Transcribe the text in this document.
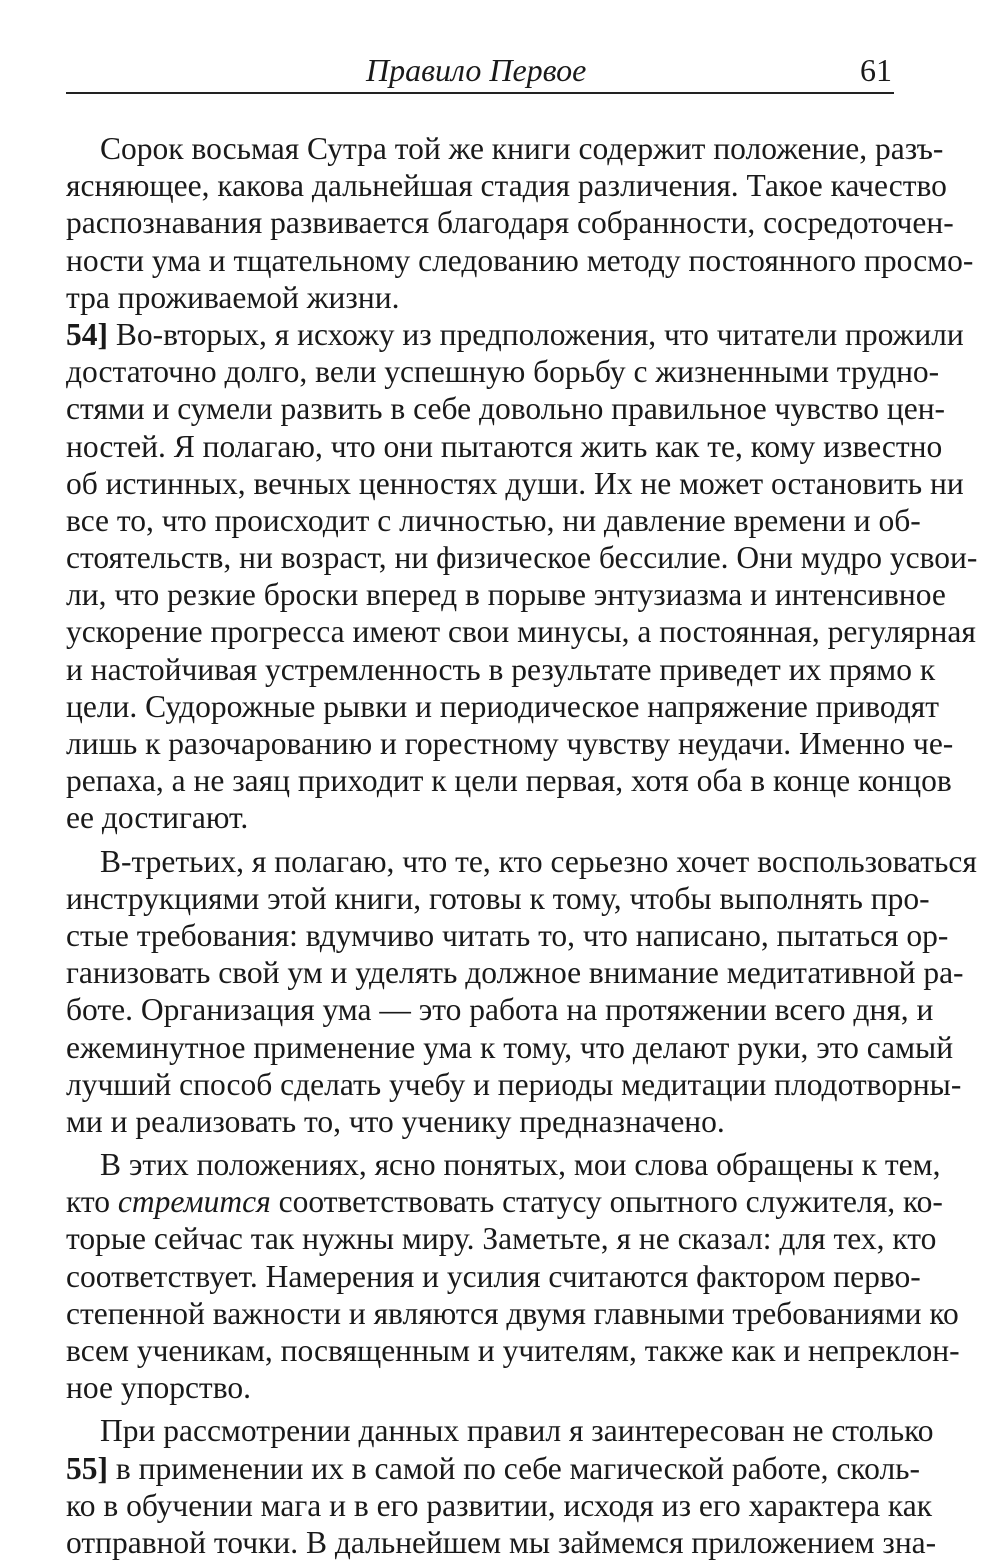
Правило Первое	61
Сорок восьмая Сутра той же книги содержит положение, разъ-
ясняющее, какова дальнейшая стадия различения. Такое качество
распознавания развивается благодаря собранности, сосредоточен-
ности ума и тщательному следованию методу постоянного просмо-
тра проживаемой жизни.
54] Во-вторых, я исхожу из предположения, что читатели прожили
достаточно долго, вели успешную борьбу с жизненными трудно-
стями и сумели развить в себе довольно правильное чувство цен-
ностей. Я полагаю, что они пытаются жить как те, кому известно
об истинных, вечных ценностях души. Их не может остановить ни
все то, что происходит с личностью, ни давление времени и об-
стоятельств, ни возраст, ни физическое бессилие. Они мудро усвои-
ли, что резкие броски вперед в порыве энтузиазма и интенсивное
ускорение прогресса имеют свои минусы, а постоянная, регулярная
и настойчивая устремленность в результате приведет их прямо к
цели. Судорожные рывки и периодическое напряжение приводят
лишь к разочарованию и горестному чувству неудачи. Именно че-
репаха, а не заяц приходит к цели первая, хотя оба в конце концов
ее достигают.
В-третьих, я полагаю, что те, кто серьезно хочет воспользоваться
инструкциями этой книги, готовы к тому, чтобы выполнять про-
стые требования: вдумчиво читать то, что написано, пытаться ор-
ганизовать свой ум и уделять должное внимание медитативной ра-
боте. Организация ума — это работа на протяжении всего дня, и
ежеминутное применение ума к тому, что делают руки, это самый
лучший способ сделать учебу и периоды медитации плодотворны-
ми и реализовать то, что ученику предназначено.
В этих положениях, ясно понятых, мои слова обращены к тем,
кто стремится соответствовать статусу опытного служителя, ко-
торые сейчас так нужны миру. Заметьте, я не сказал: для тех, кто
соответствует. Намерения и усилия считаются фактором перво-
степенной важности и являются двумя главными требованиями ко
всем ученикам, посвященным и учителям, также как и непреклон-
ное упорство.
При рассмотрении данных правил я заинтересован не столько
55] в применении их в самой по себе магической работе, сколь-
ко в обучении мага и в его развитии, исходя из его характера как
отправной точки. В дальнейшем мы займемся приложением зна-
